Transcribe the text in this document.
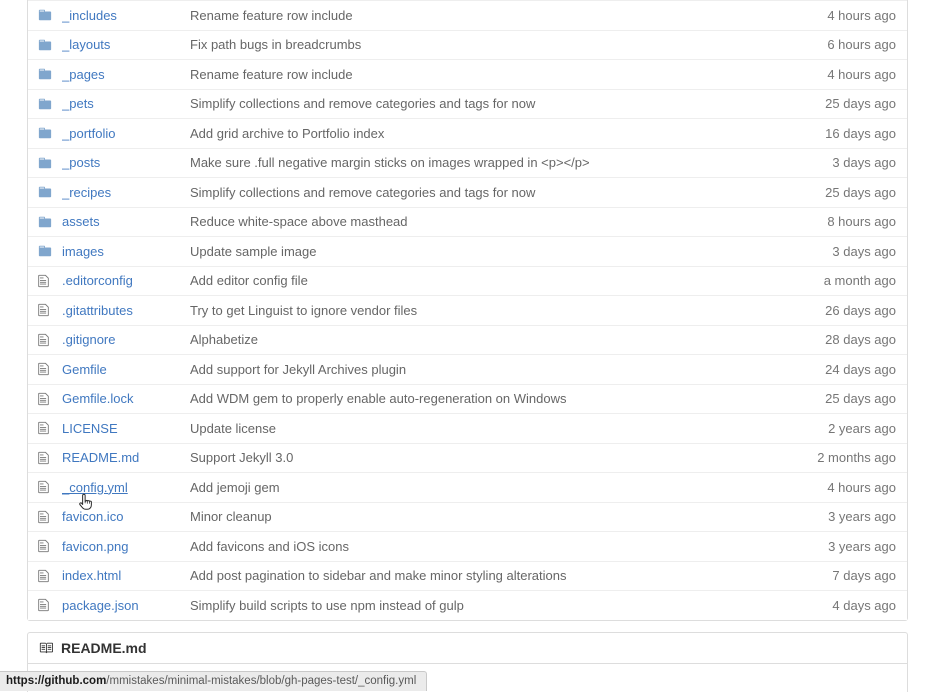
_includes	Rename feature row include	4 hours ago
_layouts	Fix path bugs in breadcrumbs	6 hours ago
_pages	Rename feature row include	4 hours ago
_pets	Simplify collections and remove categories and tags for now	25 days ago
_portfolio	Add grid archive to Portfolio index	16 days ago
_posts	Make sure .full negative margin sticks on images wrapped in <p></p>	3 days ago
_recipes	Simplify collections and remove categories and tags for now	25 days ago
assets	Reduce white-space above masthead	8 hours ago
images	Update sample image	3 days ago
.editorconfig	Add editor config file	a month ago
.gitattributes	Try to get Linguist to ignore vendor files	26 days ago
.gitignore	Alphabetize	28 days ago
Gemfile	Add support for Jekyll Archives plugin	24 days ago
Gemfile.lock	Add WDM gem to properly enable auto-regeneration on Windows	25 days ago
LICENSE	Update license	2 years ago
README.md	Support Jekyll 3.0	2 months ago
_config.yml	Add jemoji gem	4 hours ago
favicon.ico	Minor cleanup	3 years ago
favicon.png	Add favicons and iOS icons	3 years ago
index.html	Add post pagination to sidebar and make minor styling alterations	7 days ago
package.json	Simplify build scripts to use npm instead of gulp	4 days ago
README.md
https://github.com/mmistakes/minimal-mistakes/blob/gh-pages-test/_config.yml
